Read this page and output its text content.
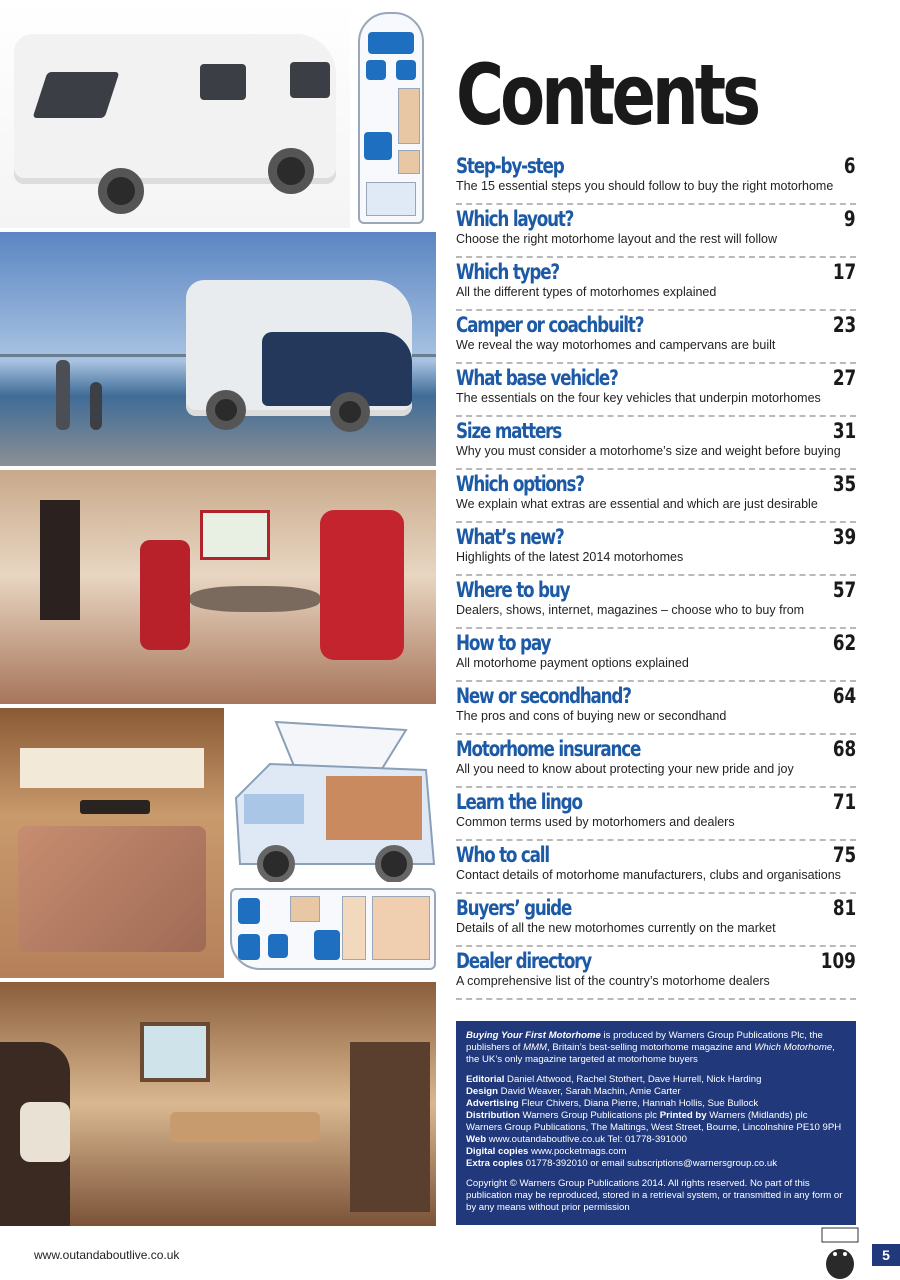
Contents
Step-by-step	6
The 15 essential steps you should follow to buy the right motorhome
Which layout?	9
Choose the right motorhome layout and the rest will follow
Which type?	17
All the different types of motorhomes explained
Camper or coachbuilt?	23
We reveal the way motorhomes and campervans are built
What base vehicle?	27
The essentials on the four key vehicles that underpin motorhomes
Size matters	31
Why you must consider a motorhome’s size and weight before buying
Which options?	35
We explain what extras are essential and which are just desirable
What’s new?	39
Highlights of the latest 2014 motorhomes
Where to buy	57
Dealers, shows, internet, magazines – choose who to buy from
How to pay	62
All motorhome payment options explained
New or secondhand?	64
The pros and cons of buying new or secondhand
Motorhome insurance	68
All you need to know about protecting your new pride and joy
Learn the lingo	71
Common terms used by motorhomers and dealers
Who to call	75
Contact details of motorhome manufacturers, clubs and organisations
Buyers’ guide	81
Details of all the new motorhomes currently on the market
Dealer directory	109
A comprehensive list of the country’s motorhome dealers

Buying Your First Motorhome is produced by Warners Group Publications Plc, the publishers of MMM, Britain’s best-selling motorhome magazine and Which Motorhome, the UK’s only magazine targeted at motorhome buyers

Editorial Daniel Attwood, Rachel Stothert, Dave Hurrell, Nick Harding
Design David Weaver, Sarah Machin, Amie Carter
Advertising Fleur Chivers, Diana Pierre, Hannah Hollis, Sue Bullock
Distribution Warners Group Publications plc Printed by Warners (Midlands) plc
Warners Group Publications, The Maltings, West Street, Bourne, Lincolnshire PE10 9PH
Web www.outandaboutlive.co.uk Tel: 01778-391000
Digital copies www.pocketmags.com
Extra copies 01778-392010 or email subscriptions@warnersgroup.co.uk

Copyright © Warners Group Publications 2014. All rights reserved. No part of this publication may be reproduced, stored in a retrieval system, or transmitted in any form or by any means without prior permission

www.outandaboutlive.co.uk	5
